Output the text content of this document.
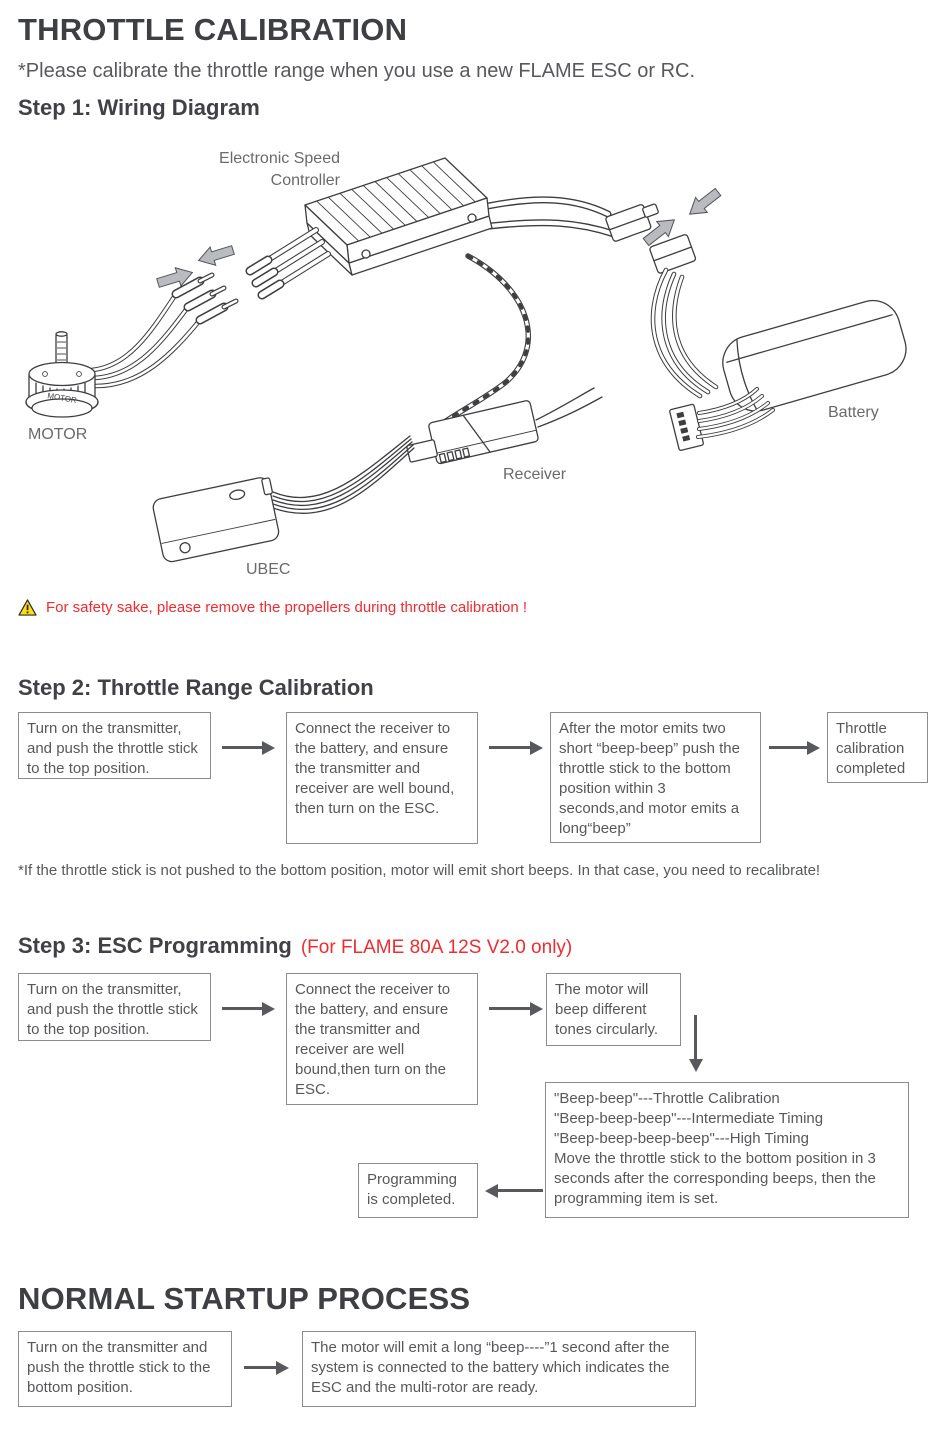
THROTTLE CALIBRATION
*Please calibrate the throttle range when you use a new FLAME ESC or RC.
Step 1: Wiring Diagram
Electronic Speed
Controller
MOTOR
MOTOR
Battery
Receiver
UBEC
For safety sake, please remove the propellers during throttle calibration !
Step 2: Throttle Range Calibration
Turn on the transmitter, and push the throttle stick to the top position.
Connect the receiver to the battery, and ensure the transmitter and receiver are well bound, then turn on the ESC.
After the motor emits two short “beep-beep” push the throttle stick to the bottom position within 3 seconds,and motor emits a long“beep”
Throttle calibration completed
*If the throttle stick is not pushed to the bottom position, motor will emit short beeps. In that case, you need to recalibrate!
Step 3: ESC Programming (For FLAME 80A 12S V2.0 only)
Turn on the transmitter, and push the throttle stick to the top position.
Connect the receiver to the battery, and ensure the transmitter and receiver are well bound,then turn on the ESC.
The motor will beep different tones circularly.
"Beep-beep"---Throttle Calibration
"Beep-beep-beep"---Intermediate Timing
"Beep-beep-beep-beep"---High Timing
Move the throttle stick to the bottom position in 3 seconds after the corresponding beeps, then the programming item is set.
Programming is completed.
NORMAL STARTUP PROCESS
Turn on the transmitter and push the throttle stick to the bottom position.
The motor will emit a long “beep----”1 second after the system is connected to the battery which indicates the ESC and the multi-rotor are ready.
